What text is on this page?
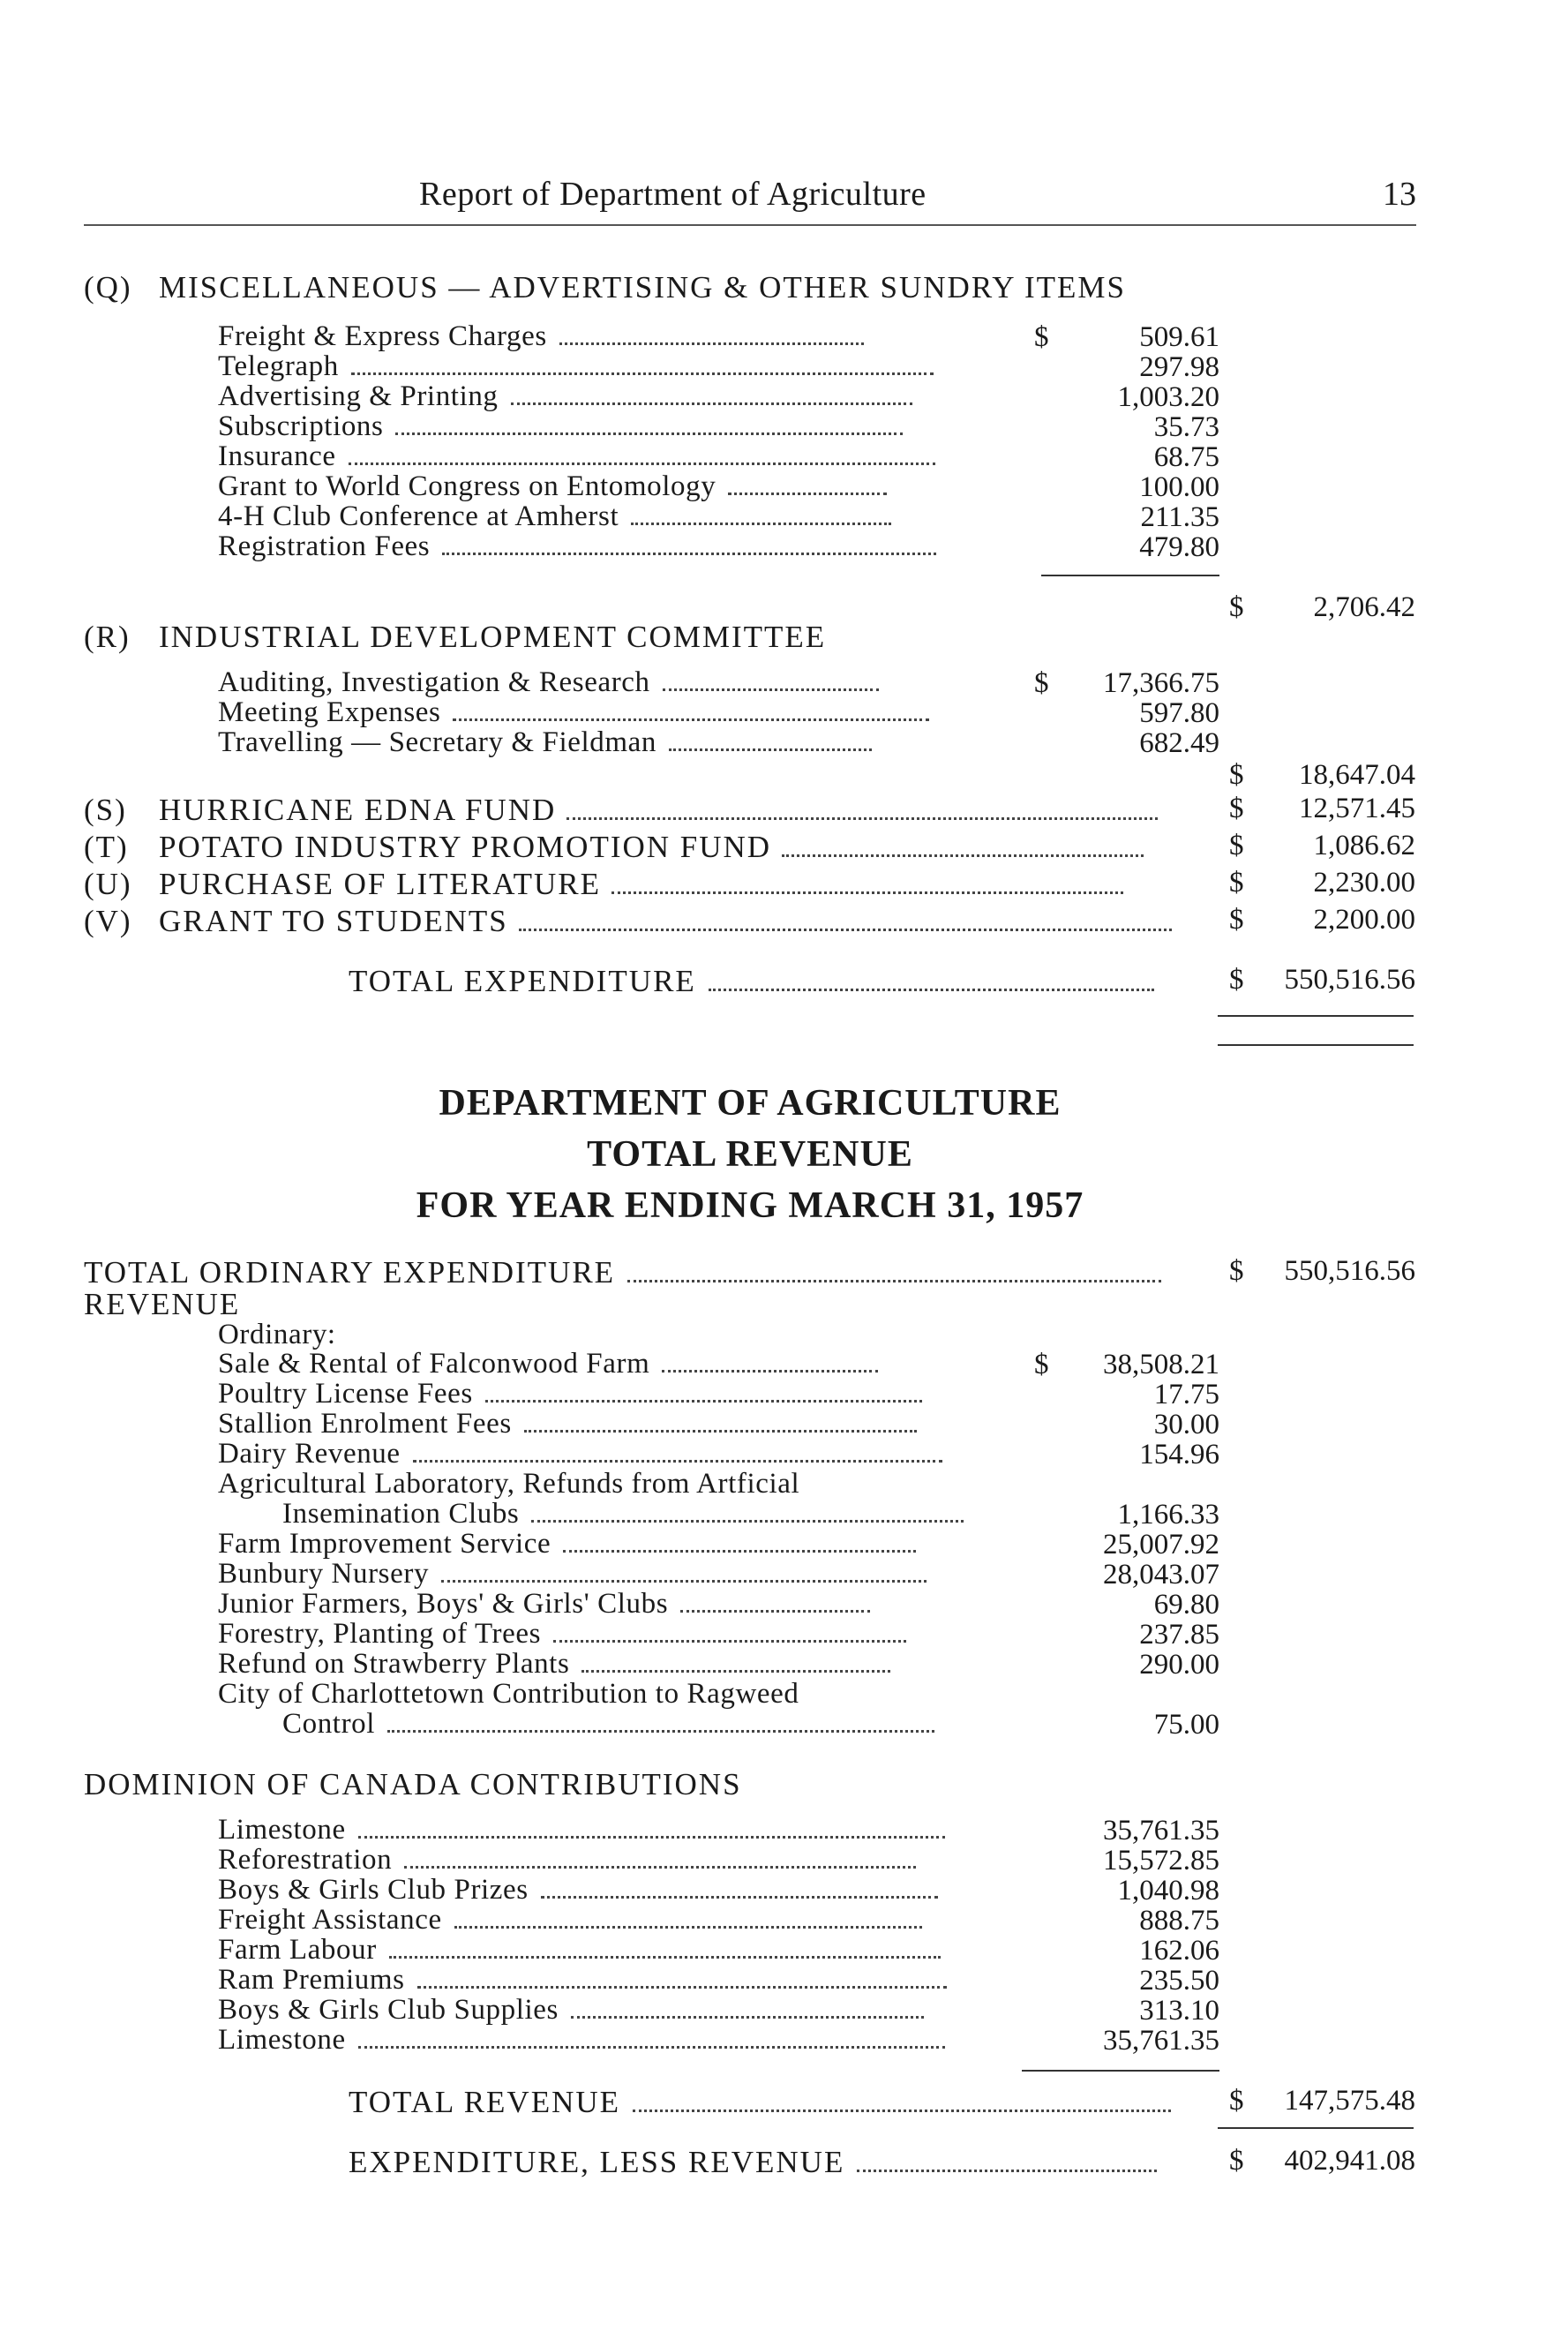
Report of Department of Agriculture	13
(Q) MISCELLANEOUS — ADVERTISING & OTHER SUNDRY ITEMS
Freight & Express Charges	$	509.61
Telegraph	297.98
Advertising & Printing	1,003.20
Subscriptions	35.73
Insurance	68.75
Grant to World Congress on Entomology	100.00
4-H Club Conference at Amherst	211.35
Registration Fees	479.80
$ 2,706.42
(R) INDUSTRIAL DEVELOPMENT COMMITTEE
Auditing, Investigation & Research	$ 17,366.75
Meeting Expenses	597.80
Travelling — Secretary & Fieldman	682.49
$ 18,647.04
(S) HURRICANE EDNA FUND	$ 12,571.45
(T) POTATO INDUSTRY PROMOTION FUND	$ 1,086.62
(U) PURCHASE OF LITERATURE	$ 2,230.00
(V) GRANT TO STUDENTS	$ 2,200.00
TOTAL EXPENDITURE	$ 550,516.56
DEPARTMENT OF AGRICULTURE
TOTAL REVENUE
FOR YEAR ENDING MARCH 31, 1957
TOTAL ORDINARY EXPENDITURE	$ 550,516.56
REVENUE
Ordinary:
Sale & Rental of Falconwood Farm	$ 38,508.21
Poultry License Fees	17.75
Stallion Enrolment Fees	30.00
Dairy Revenue	154.96
Agricultural Laboratory, Refunds from Artficial
Insemination Clubs	1,166.33
Farm Improvement Service	25,007.92
Bunbury Nursery	28,043.07
Junior Farmers, Boys' & Girls' Clubs	69.80
Forestry, Planting of Trees	237.85
Refund on Strawberry Plants	290.00
City of Charlottetown Contribution to Ragweed
Control	75.00
DOMINION OF CANADA CONTRIBUTIONS
Limestone	35,761.35
Reforestration	15,572.85
Boys & Girls Club Prizes	1,040.98
Freight Assistance	888.75
Farm Labour	162.06
Ram Premiums	235.50
Boys & Girls Club Supplies	313.10
Limestone	35,761.35
TOTAL REVENUE	$ 147,575.48
EXPENDITURE, LESS REVENUE	$ 402,941.08
